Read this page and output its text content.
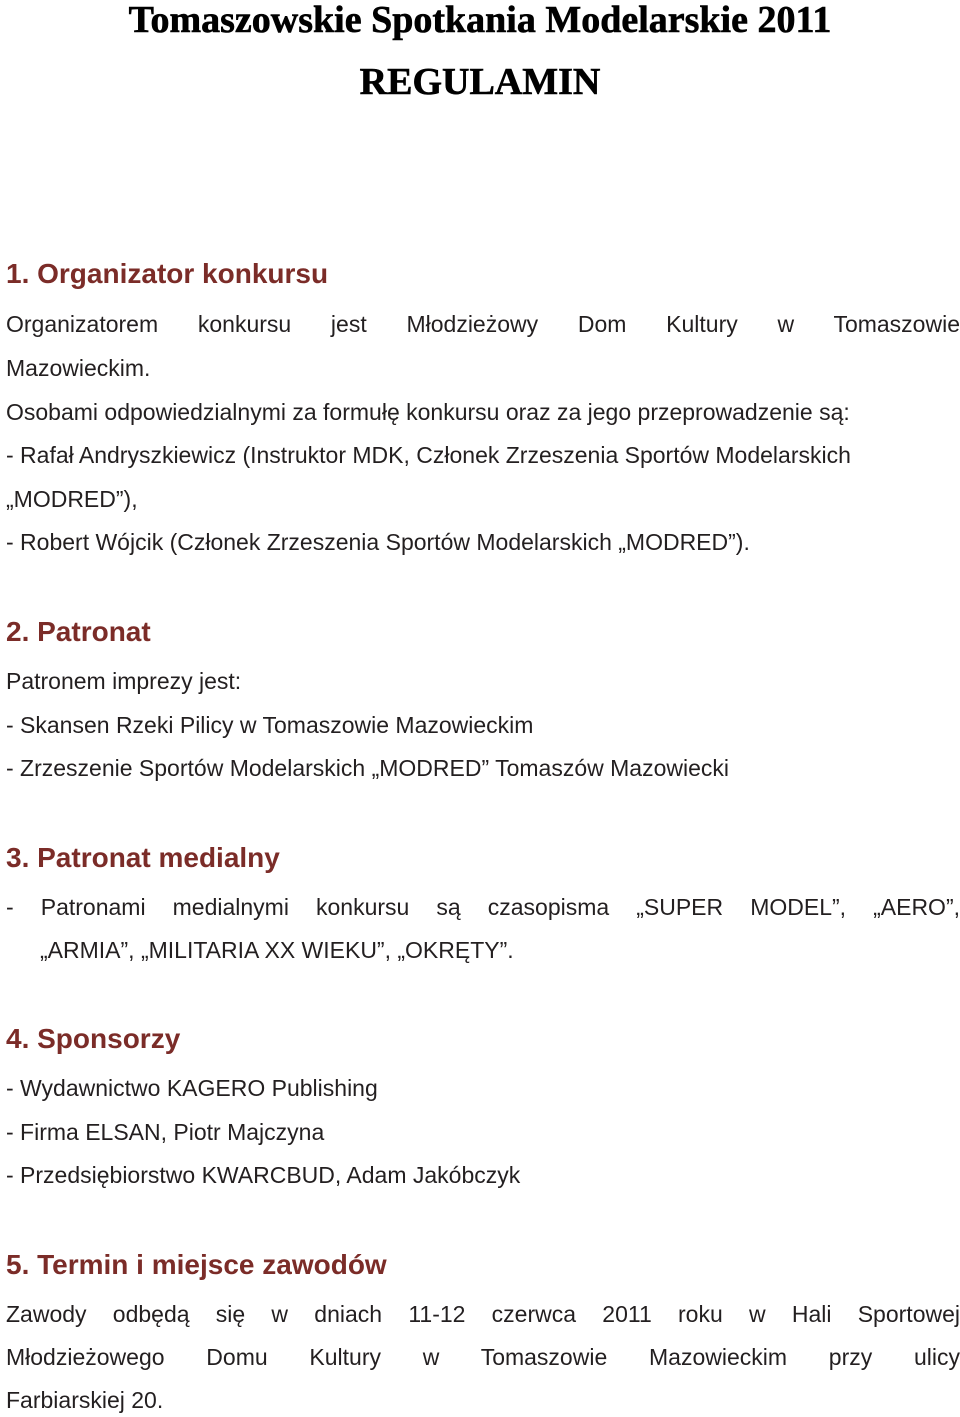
Tomaszowskie Spotkania Modelarskie 2011
REGULAMIN
1. Organizator konkursu

Organizatorem konkursu jest Młodzieżowy Dom Kultury w Tomaszowie

Mazowieckim.

Osobami odpowiedzialnymi za formułę konkursu oraz za jego przeprowadzenie są:

- Rafał Andryszkiewicz (Instruktor MDK, Członek Zrzeszenia Sportów Modelarskich

„MODRED”),

- Robert Wójcik (Członek Zrzeszenia Sportów Modelarskich „MODRED”).

2. Patronat

Patronem imprezy jest:

- Skansen Rzeki Pilicy w Tomaszowie Mazowieckim

- Zrzeszenie Sportów Modelarskich „MODRED” Tomaszów Mazowiecki

3. Patronat medialny

- Patronami medialnymi konkursu są czasopisma „SUPER MODEL”, „AERO”,

„ARMIA”, „MILITARIA XX WIEKU”, „OKRĘTY”.

4. Sponsorzy

- Wydawnictwo KAGERO Publishing

- Firma ELSAN, Piotr Majczyna

- Przedsiębiorstwo KWARCBUD, Adam Jakóbczyk

5. Termin i miejsce zawodów

Zawody odbędą się w dniach 11-12 czerwca 2011 roku w Hali Sportowej

Młodzieżowego Domu Kultury w Tomaszowie Mazowieckim przy ulicy

Farbiarskiej 20.
